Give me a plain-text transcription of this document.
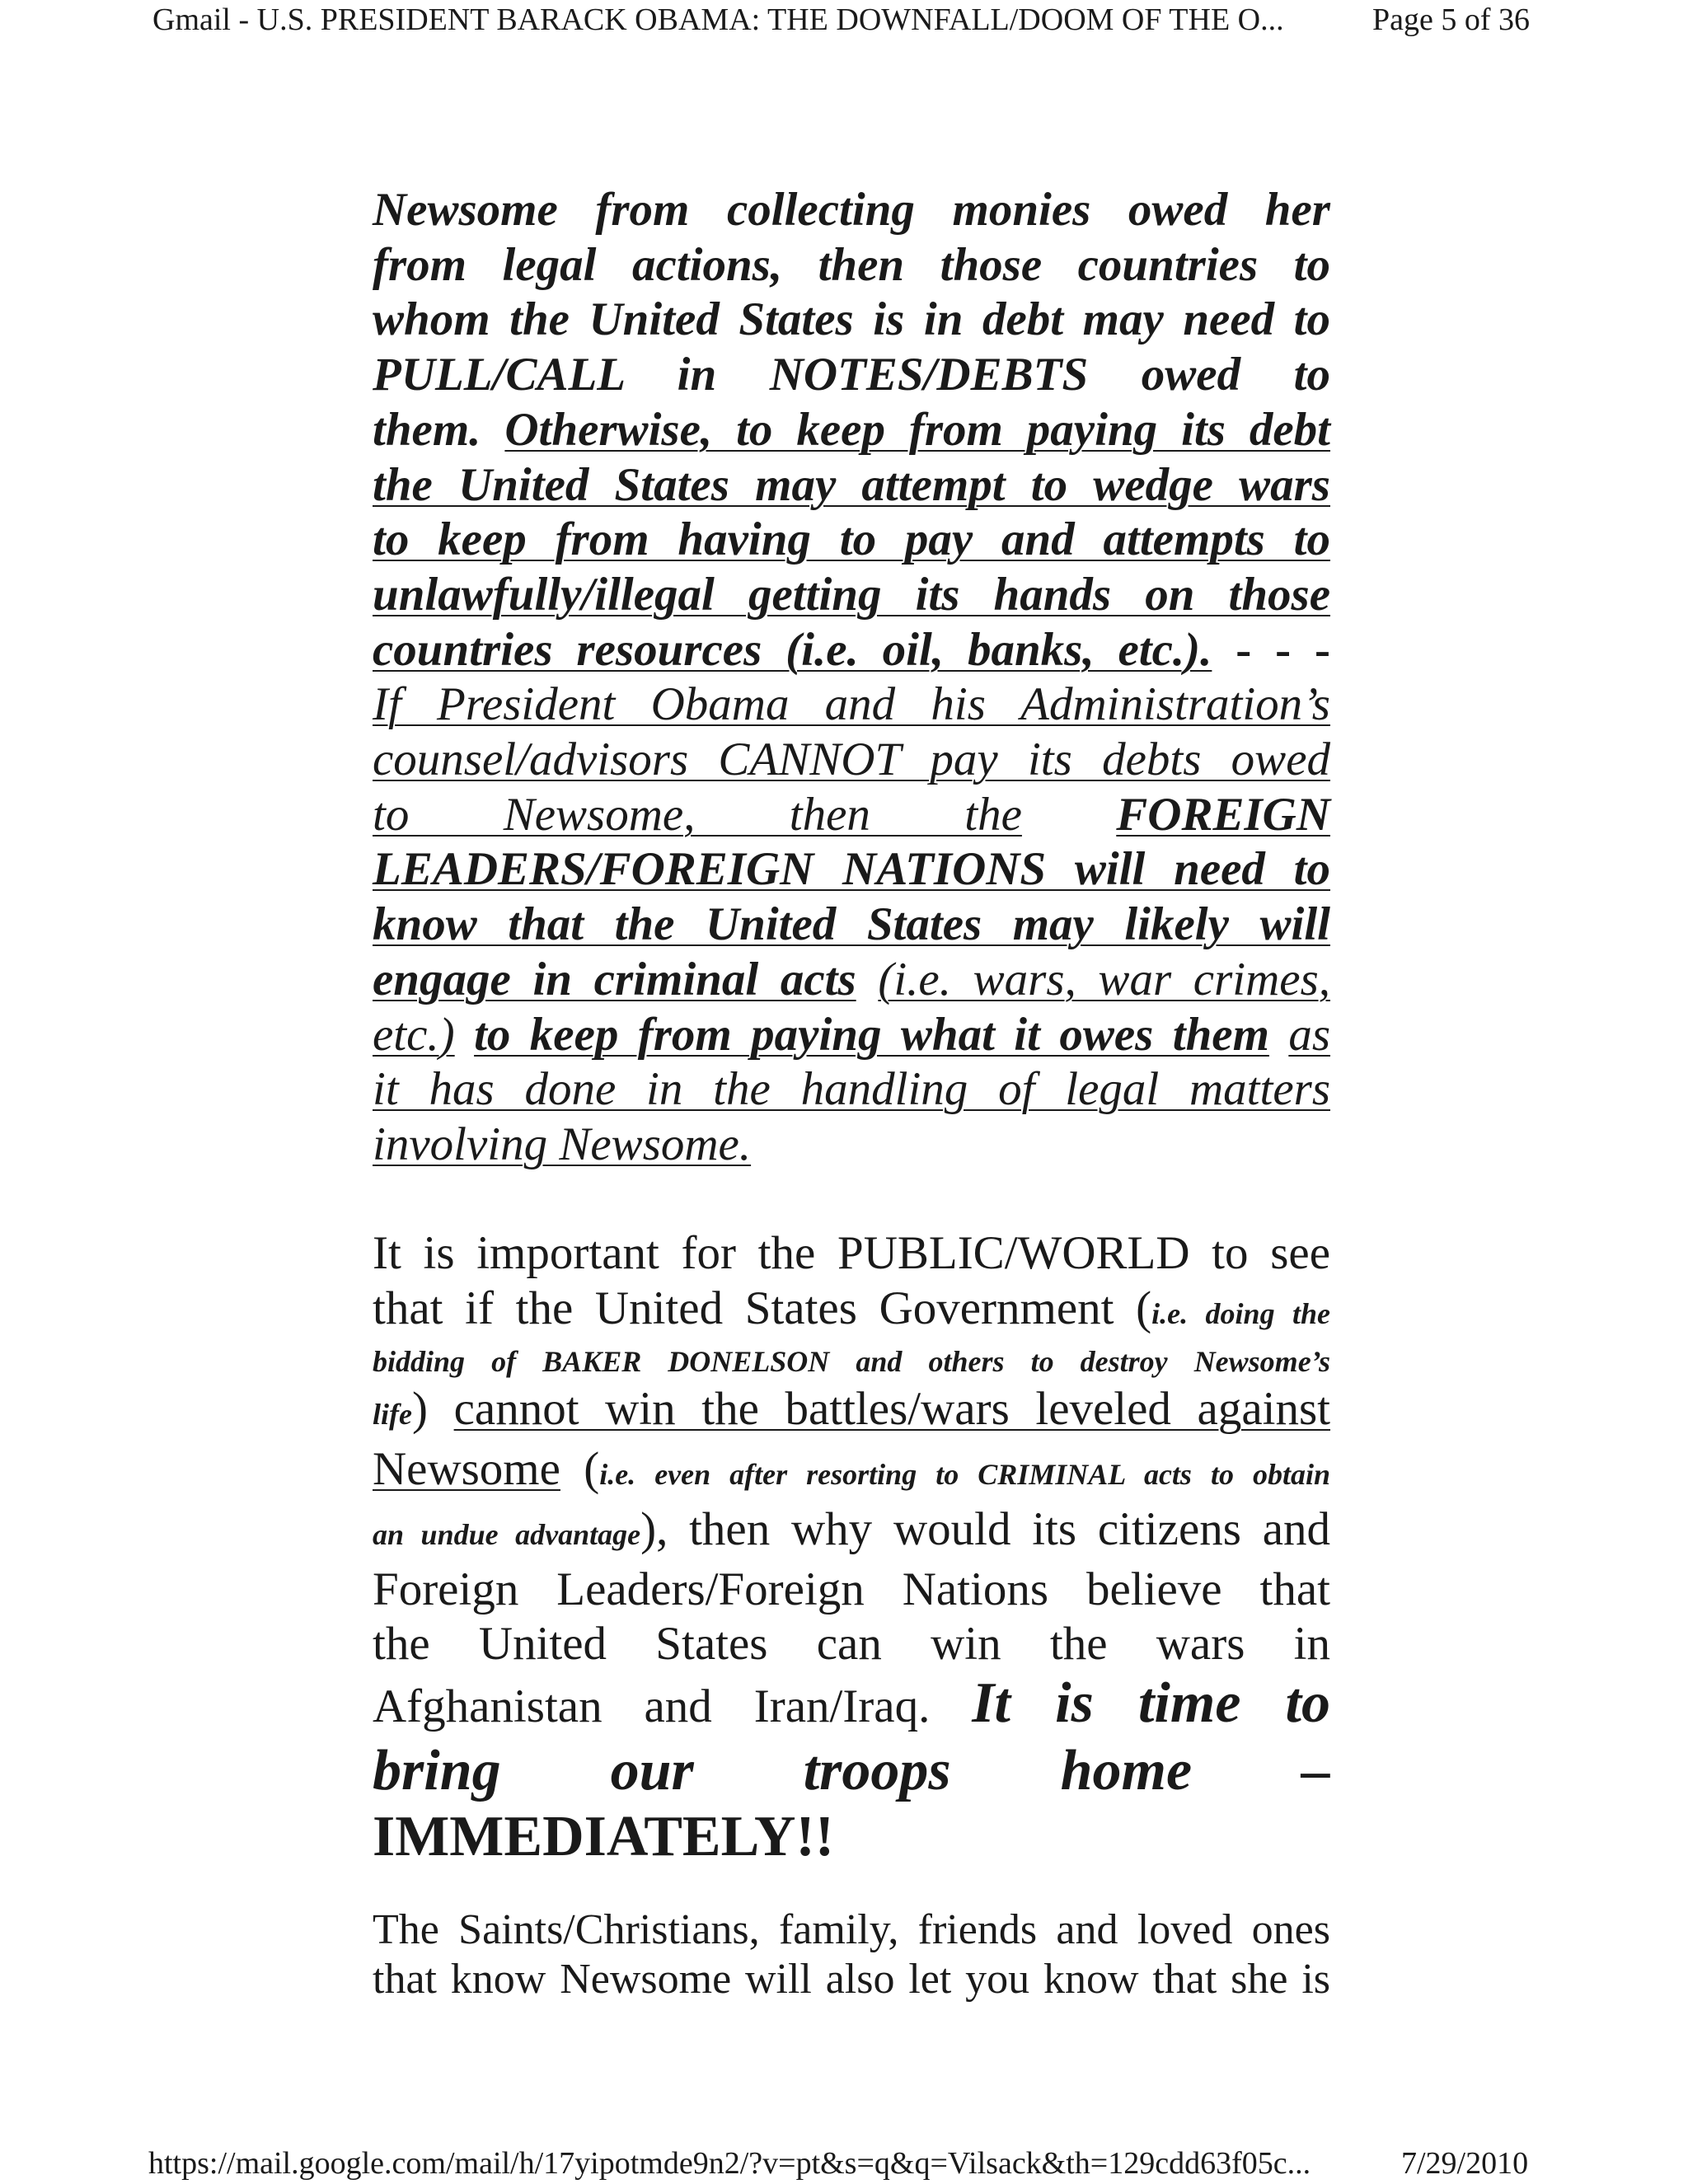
Gmail - U.S. PRESIDENT BARACK OBAMA: THE DOWNFALL/DOOM OF THE O...	Page 5 of 36
Newsome from collecting monies owed her
from legal actions, then those countries to
whom the United States is in debt may need to
PULL/CALL in NOTES/DEBTS owed to
them. Otherwise, to keep from paying its debt
the United States may attempt to wedge wars
to keep from having to pay and attempts to
unlawfully/illegal getting its hands on those
countries resources (i.e. oil, banks, etc.). - - -
If President Obama and his Administration’s
counsel/advisors CANNOT pay its debts owed
to Newsome, then the FOREIGN
LEADERS/FOREIGN NATIONS will need to
know that the United States may likely will
engage in criminal acts (i.e. wars, war crimes,
etc.) to keep from paying what it owes them as
it has done in the handling of legal matters
involving Newsome.
It is important for the PUBLIC/WORLD to see
that if the United States Government (i.e. doing the
bidding of BAKER DONELSON and others to destroy Newsome’s
life) cannot win the battles/wars leveled against
Newsome (i.e. even after resorting to CRIMINAL acts to obtain
an undue advantage), then why would its citizens and
Foreign Leaders/Foreign Nations believe that
the United States can win the wars in
Afghanistan and Iran/Iraq. It is time to
bring our troops home –
IMMEDIATELY!!
The Saints/Christians, family, friends and loved ones
that know Newsome will also let you know that she is
https://mail.google.com/mail/h/17yipotmde9n2/?v=pt&s=q&q=Vilsack&th=129cdd63f05c...	7/29/2010
